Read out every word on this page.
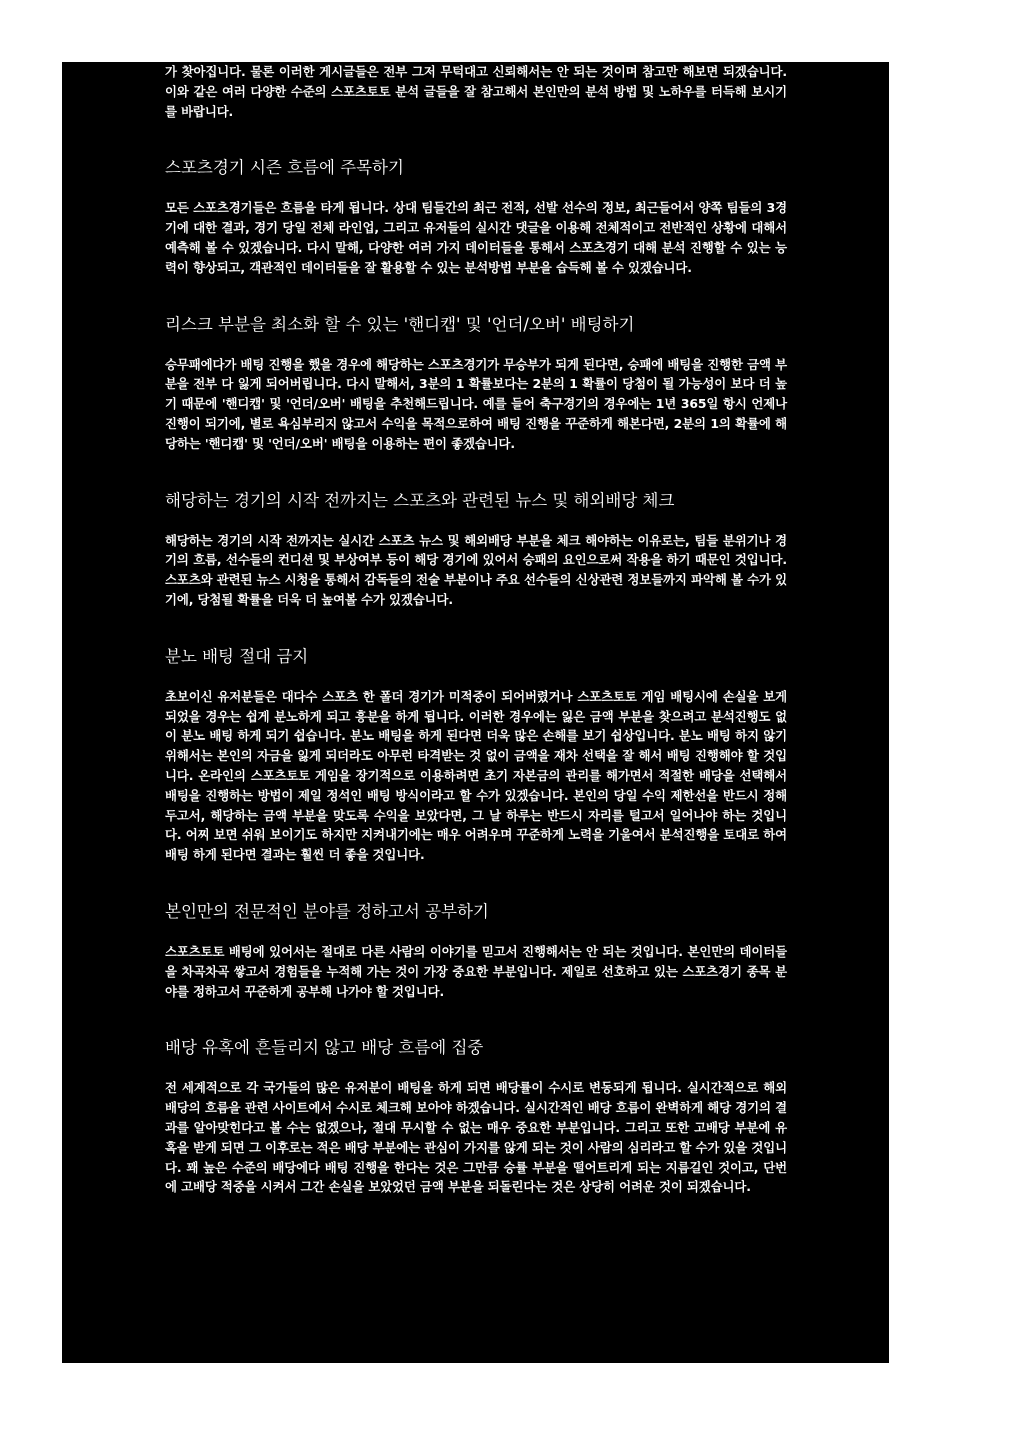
가 찾아집니다. 물론 이러한 게시글들은 전부 그저 무턱대고 신뢰해서는 안 되는 것이며 참고만 해보면 되겠습니다. 이와 같은 여러 다양한 수준의 스포츠토토 분석 글들을 잘 참고해서 본인만의 분석 방법 및 노하우를 터득해 보시기를 바랍니다.

스포츠경기 시즌 흐름에 주목하기

모든 스포츠경기들은 흐름을 타게 됩니다. 상대 팀들간의 최근 전적, 선발 선수의 정보, 최근들어서 양쪽 팀들의 3경기에 대한 결과, 경기 당일 전체 라인업, 그리고 유저들의 실시간 댓글을 이용해 전체적이고 전반적인 상황에 대해서 예측해 볼 수 있겠습니다. 다시 말해, 다양한 여러 가지 데이터들을 통해서 스포츠경기 대해 분석 진행할 수 있는 능력이 향상되고, 객관적인 데이터들을 잘 활용할 수 있는 분석방법 부분을 습득해 볼 수 있겠습니다.

리스크 부분을 최소화 할 수 있는 '핸디캡' 및 '언더/오버' 배팅하기

승무패에다가 배팅 진행을 했을 경우에 해당하는 스포츠경기가 무승부가 되게 된다면, 승패에 배팅을 진행한 금액 부분을 전부 다 잃게 되어버립니다. 다시 말해서, 3분의 1 확률보다는 2분의 1 확률이 당첨이 될 가능성이 보다 더 높기 때문에 '핸디캡' 및 '언더/오버' 배팅을 추천해드립니다. 예를 들어 축구경기의 경우에는 1년 365일 항시 언제나 진행이 되기에, 별로 욕심부리지 않고서 수익을 목적으로하여 배팅 진행을 꾸준하게 해본다면, 2분의 1의 확률에 해당하는 '핸디캡' 및 '언더/오버' 배팅을 이용하는 편이 좋겠습니다.

해당하는 경기의 시작 전까지는 스포츠와 관련된 뉴스 및 해외배당 체크

해당하는 경기의 시작 전까지는 실시간 스포츠 뉴스 및 해외배당 부분을 체크 해야하는 이유로는, 팀들 분위기나 경기의 흐름, 선수들의 컨디션 및 부상여부 등이 해당 경기에 있어서 승패의 요인으로써 작용을 하기 때문인 것입니다. 스포츠와 관련된 뉴스 시청을 통해서 감독들의 전술 부분이나 주요 선수들의 신상관련 정보들까지 파악해 볼 수가 있기에, 당첨될 확률을 더욱 더 높여볼 수가 있겠습니다.

분노 배팅 절대 금지

초보이신 유저분들은 대다수 스포츠 한 폴더 경기가 미적중이 되어버렸거나 스포츠토토 게임 배팅시에 손실을 보게 되었을 경우는 쉽게 분노하게 되고 흥분을 하게 됩니다. 이러한 경우에는 잃은 금액 부분을 찾으려고 분석진행도 없이 분노 배팅 하게 되기 쉽습니다. 분노 배팅을 하게 된다면 더욱 많은 손해를 보기 쉽상입니다. 분노 배팅 하지 않기 위해서는 본인의 자금을 잃게 되더라도 아무런 타격받는 것 없이 금액을 재차 선택을 잘 해서 배팅 진행해야 할 것입니다. 온라인의 스포츠토토 게임을 장기적으로 이용하려면 초기 자본금의 관리를 해가면서 적절한 배당을 선택해서 배팅을 진행하는 방법이 제일 정석인 배팅 방식이라고 할 수가 있겠습니다. 본인의 당일 수익 제한선을 반드시 정해두고서, 해당하는 금액 부분을 맞도록 수익을 보았다면, 그 날 하루는 반드시 자리를 털고서 일어나야 하는 것입니다. 어찌 보면 쉬워 보이기도 하지만 지켜내기에는 매우 어려우며 꾸준하게 노력을 기울여서 분석진행을 토대로 하여 배팅 하게 된다면 결과는 훨씬 더 좋을 것입니다.

본인만의 전문적인 분야를 정하고서 공부하기

스포츠토토 배팅에 있어서는 절대로 다른 사람의 이야기를 믿고서 진행해서는 안 되는 것입니다. 본인만의 데이터들을 차곡차곡 쌓고서 경험들을 누적해 가는 것이 가장 중요한 부분입니다. 제일로 선호하고 있는 스포츠경기 종목 분야를 정하고서 꾸준하게 공부해 나가야 할 것입니다.

배당 유혹에 흔들리지 않고 배당 흐름에 집중

전 세계적으로 각 국가들의 많은 유저분이 배팅을 하게 되면 배당률이 수시로 변동되게 됩니다. 실시간적으로 해외 배당의 흐름을 관련 사이트에서 수시로 체크해 보아야 하겠습니다. 실시간적인 배당 흐름이 완벽하게 해당 경기의 결과를 알아맞힌다고 볼 수는 없겠으나, 절대 무시할 수 없는 매우 중요한 부분입니다. 그리고 또한 고배당 부분에 유혹을 받게 되면 그 이후로는 적은 배당 부분에는 관심이 가지를 않게 되는 것이 사람의 심리라고 할 수가 있을 것입니다. 꽤 높은 수준의 배당에다 배팅 진행을 한다는 것은 그만큼 승률 부분을 떨어트리게 되는 지름길인 것이고, 단번에 고배당 적중을 시켜서 그간 손실을 보았었던 금액 부분을 되돌린다는 것은 상당히 어려운 것이 되겠습니다.
